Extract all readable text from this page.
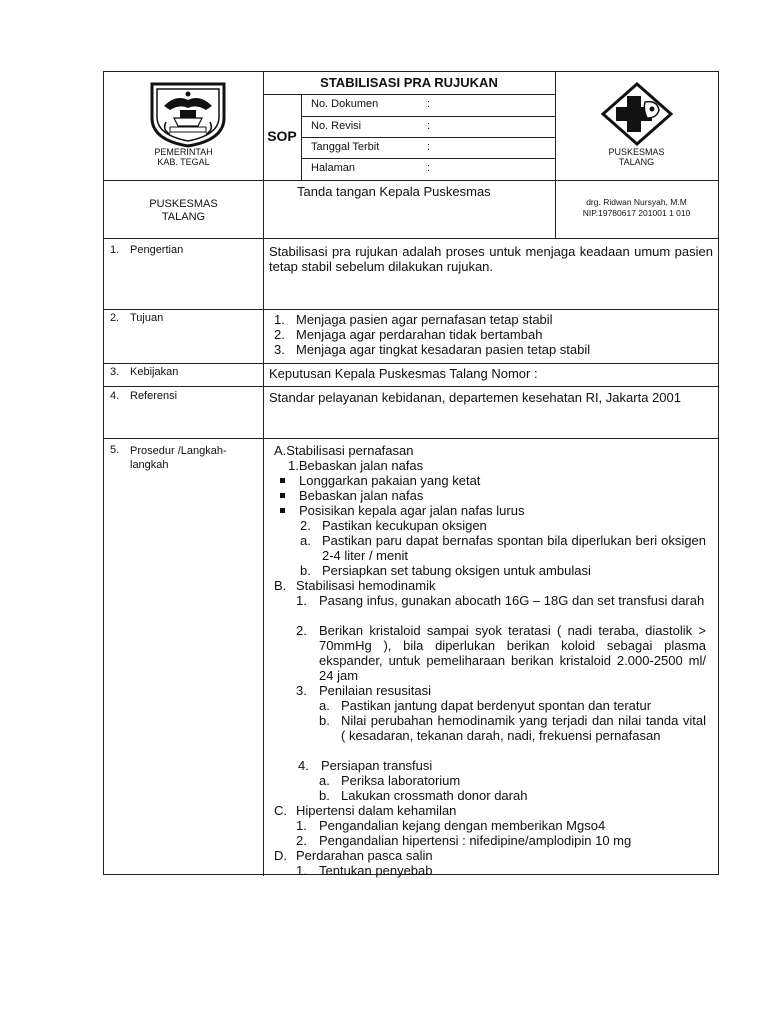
PEMERINTAH
KAB. TEGAL
STABILISASI PRA RUJUKAN
SOP
No. Dokumen	:
No. Revisi	:
Tanggal Terbit	:
Halaman	:
PUSKESMAS
TALANG
PUSKESMAS
TALANG
Tanda tangan Kepala Puskesmas
drg. Ridwan Nursyah, M.M
NIP.19780617 201001 1 010
1. Pengertian	Stabilisasi pra rujukan adalah proses untuk menjaga keadaan umum pasien tetap stabil sebelum dilakukan rujukan.
2. Tujuan	1. Menjaga pasien agar pernafasan tetap stabil
2. Menjaga agar perdarahan tidak bertambah
3. Menjaga agar tingkat kesadaran pasien tetap stabil
3. Kebijakan	Keputusan Kepala Puskesmas Talang Nomor :
4. Referensi	Standar pelayanan kebidanan, departemen kesehatan RI, Jakarta 2001
5. Prosedur /Langkah-
langkah
A.Stabilisasi pernafasan
1.Bebaskan jalan nafas
Longgarkan pakaian yang ketat
Bebaskan jalan nafas
Posisikan kepala agar jalan nafas lurus
2. Pastikan kecukupan oksigen
a. Pastikan paru dapat bernafas spontan bila diperlukan beri oksigen 2-4 liter / menit
b. Persiapkan set tabung oksigen untuk ambulasi
B. Stabilisasi hemodinamik
1. Pasang infus, gunakan abocath 16G – 18G dan set transfusi darah
2. Berikan kristaloid sampai syok teratasi ( nadi teraba, diastolik > 70mmHg ), bila diperlukan berikan koloid sebagai plasma ekspander, untuk pemeliharaan berikan kristaloid 2.000-2500 ml/ 24 jam
3. Penilaian resusitasi
a. Pastikan jantung dapat berdenyut spontan dan teratur
b. Nilai perubahan hemodinamik yang terjadi dan nilai tanda vital ( kesadaran, tekanan darah, nadi, frekuensi pernafasan
4. Persiapan transfusi
a. Periksa laboratorium
b. Lakukan crossmath donor darah
C. Hipertensi dalam kehamilan
1. Pengandalian kejang dengan memberikan Mgso4
2. Pengandalian hipertensi : nifedipine/amplodipin 10 mg
D. Perdarahan pasca salin
1. Tentukan penyebab
